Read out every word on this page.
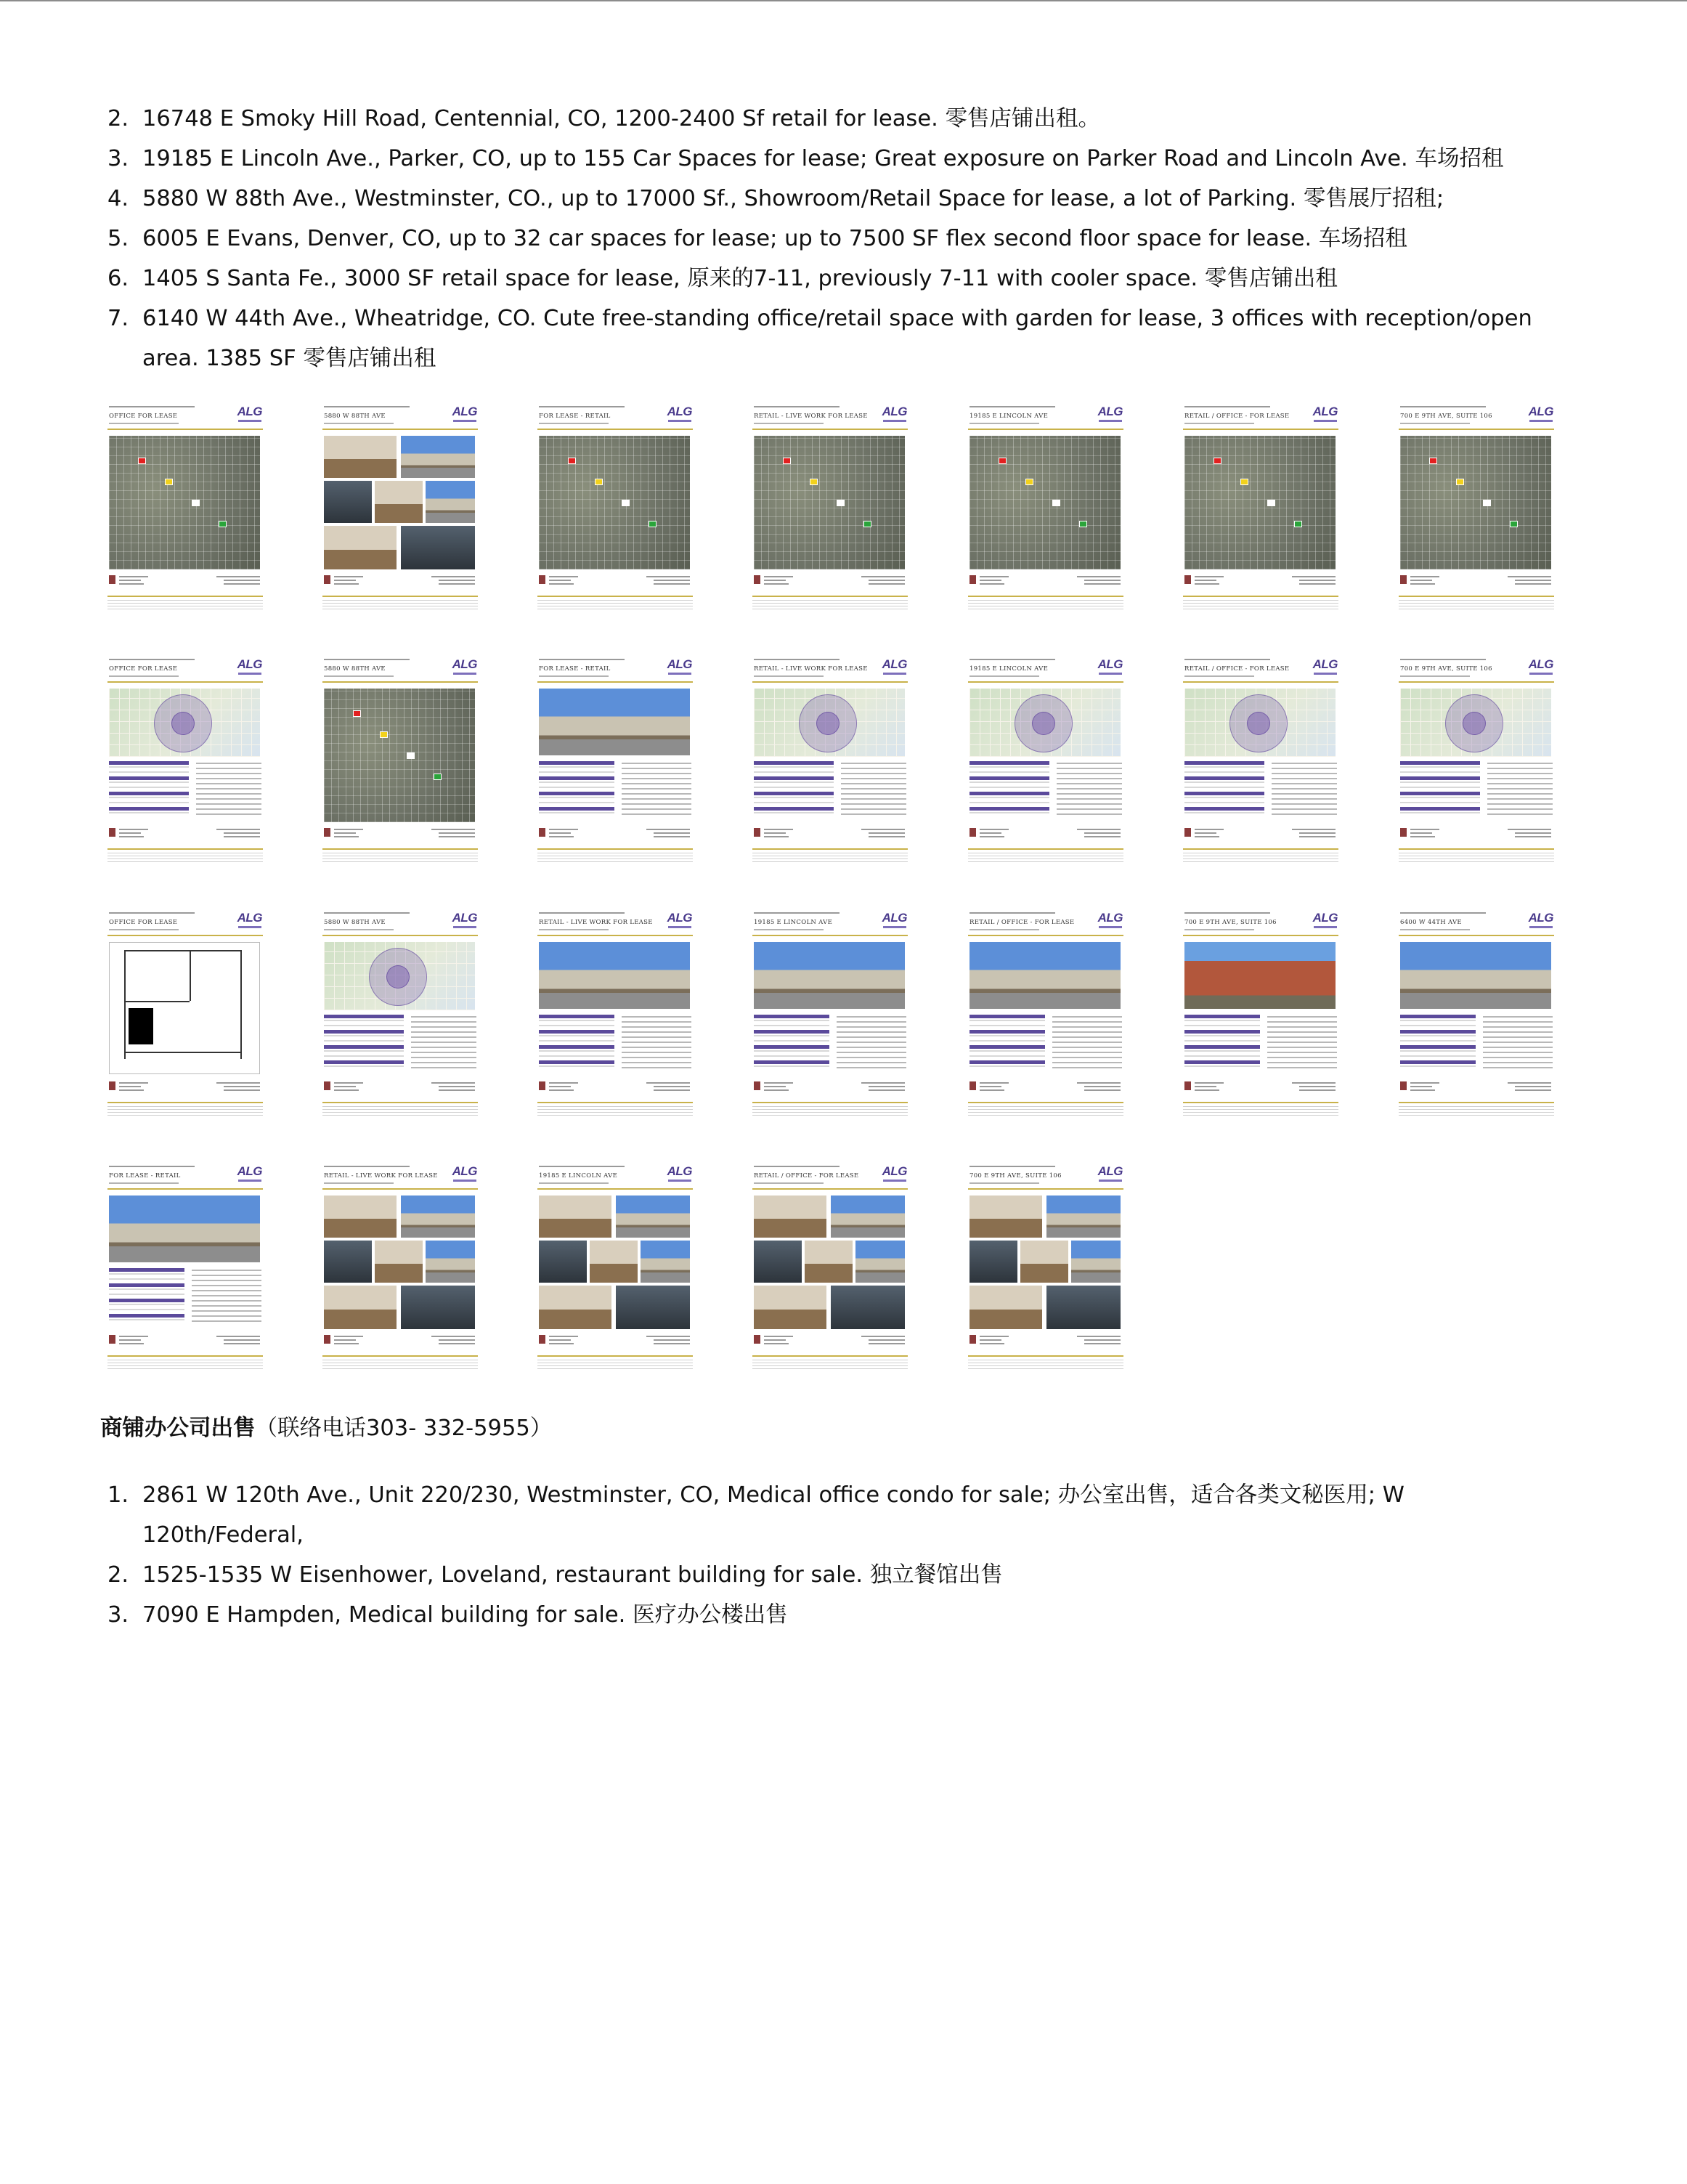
2. 16748 E Smoky Hill Road, Centennial, CO, 1200-2400 Sf retail for lease. 零售店铺出租。
3. 19185 E Lincoln Ave., Parker, CO, up to 155 Car Spaces for lease; Great exposure on Parker Road and Lincoln Ave. 车场招租
4. 5880 W 88th Ave., Westminster, CO., up to 17000 Sf., Showroom/Retail Space for lease, a lot of Parking. 零售展厅招租;
5. 6005 E Evans, Denver, CO, up to 32 car spaces for lease; up to 7500 SF flex second floor space for lease. 车场招租
6. 1405 S Santa Fe., 3000 SF retail space for lease, 原来的7-11, previously 7-11 with cooler space. 零售店铺出租
7. 6140 W 44th Ave., Wheatridge, CO. Cute free-standing office/retail space with garden for lease, 3 offices with reception/open area. 1385 SF 零售店铺出租
OFFICE FOR LEASE	ALG	5880 W 88TH AVE	ALG	FOR LEASE - RETAIL	ALG	RETAIL - LIVE WORK FOR LEASE ALG	19185 E LINCOLN AVE	ALG	RETAIL / OFFICE - FOR LEASE ALG	700 E 9TH AVE, SUITE 106	ALG
OFFICE FOR LEASE	ALG	5880 W 88TH AVE	ALG	FOR LEASE - RETAIL	ALG	RETAIL - LIVE WORK FOR LEASE ALG	19185 E LINCOLN AVE	ALG	RETAIL / OFFICE - FOR LEASE ALG	700 E 9TH AVE, SUITE 106	ALG
OFFICE FOR LEASE	ALG	5880 W 88TH AVE	ALG	RETAIL - LIVE WORK FOR LEASE ALG	19185 E LINCOLN AVE	ALG	RETAIL / OFFICE - FOR LEASE ALG	700 E 9TH AVE, SUITE 106	ALG	6400 W 44TH AVE	ALG
FOR LEASE - RETAIL	ALG	RETAIL - LIVE WORK FOR LEASE ALG	19185 E LINCOLN AVE	ALG	RETAIL / OFFICE - FOR LEASE ALG	700 E 9TH AVE, SUITE 106	ALG
商铺办公司出售（联络电话303- 332-5955）
1. 2861 W 120th Ave., Unit 220/230, Westminster, CO, Medical office condo for sale; 办公室出售，适合各类文秘医用; W 120th/Federal,
2. 1525-1535 W Eisenhower, Loveland, restaurant building for sale. 独立餐馆出售
3. 7090 E Hampden, Medical building for sale. 医疗办公楼出售
